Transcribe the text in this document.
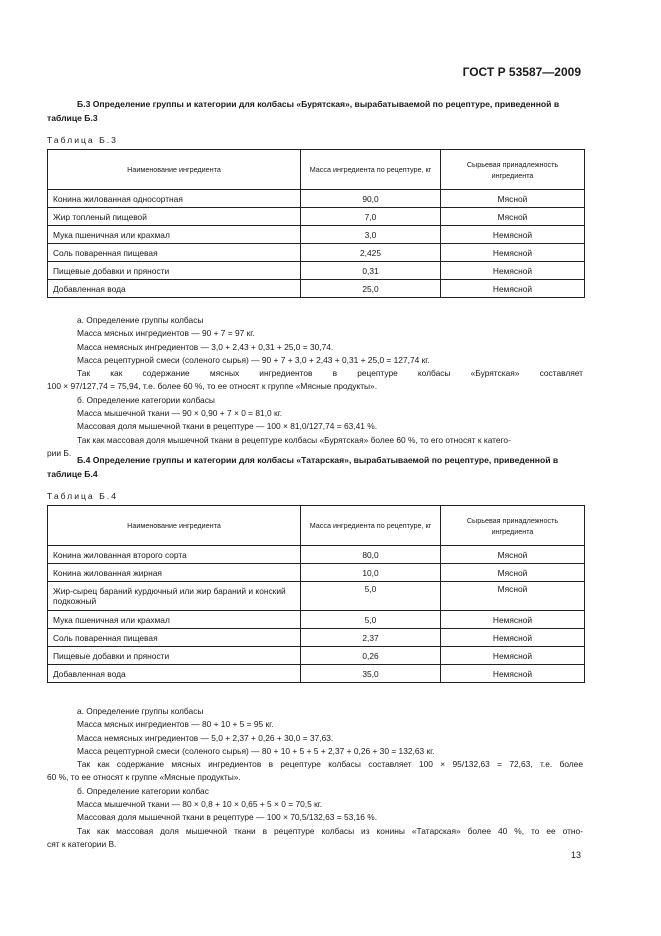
ГОСТ Р 53587—2009
Б.3 Определение группы и категории для колбасы «Бурятская», вырабатываемой по рецептуре, приведенной в таблице Б.3
Таблица Б.3
Наименование ингредиента	Масса ингредиента по рецептуре, кг	Сырьевая принадлежность ингредиента
Конина жилованная односортная	90,0	Мясной
Жир топленый пищевой	7,0	Мясной
Мука пшеничная или крахмал	3,0	Немясной
Соль поваренная пищевая	2,425	Немясной
Пищевые добавки и пряности	0,31	Немясной
Добавленная вода	25,0	Немясной

а. Определение группы колбасы

Масса мясных ингредиентов — 90 + 7 = 97 кг.

Масса немясных ингредиентов — 3,0 + 2,43 + 0,31 + 25,0 = 30,74.

Масса рецептурной смеси (соленого сырья) — 90 + 7 + 3,0 + 2,43 + 0,31 + 25,0 = 127,74 кг.

Так как содержание мясных ингредиентов в рецептуре колбасы «Бурятская» составляет

100 × 97/127,74 = 75,94, т.е. более 60 %, то ее относят к группе «Мясные продукты».

б. Определение категории колбасы

Масса мышечной ткани — 90 × 0,90 + 7 × 0 = 81,0 кг.

Массовая доля мышечной ткани в рецептуре — 100 × 81,0/127,74 = 63,41 %.

Так как массовая доля мышечной ткани в рецептуре колбасы «Бурятская» более 60 %, то его относят к катего-

рии Б.

Б.4 Определение группы и категории для колбасы «Татарская», вырабатываемой по рецептуре, приведенной в таблице Б.4
Таблица Б.4
Наименование ингредиента	Масса ингредиента по рецептуре, кг	Сырьевая принадлежность ингредиента
Конина жилованная второго сорта	80,0	Мясной
Конина жилованная жирная	10,0	Мясной
Жир-сырец бараний курдючный или жир бараний и конский подкожный	5,0	Мясной
Мука пшеничная или крахмал	5,0	Немясной
Соль поваренная пищевая	2,37	Немясной
Пищевые добавки и пряности	0,26	Немясной
Добавленная вода	35,0	Немясной

а. Определение группы колбасы

Масса мясных ингредиентов — 80 + 10 + 5 = 95 кг.

Масса немясных ингредиентов — 5,0 + 2,37 + 0,26 + 30,0 = 37,63.

Масса рецептурной смеси (соленого сырья) — 80 + 10 + 5 + 5 + 2,37 + 0,26 + 30 = 132,63 кг.

Так как содержание мясных ингредиентов в рецептуре колбасы составляет 100 × 95/132,63 = 72,63, т.е. более

60 %, то ее относят к группе «Мясные продукты».

б. Определение категории колбас

Масса мышечной ткани — 80 × 0,8 + 10 × 0,65 + 5 × 0 = 70,5 кг.

Массовая доля мышечной ткани в рецептуре — 100 × 70,5/132,63 = 53,16 %.

Так как массовая доля мышечной ткани в рецептуре колбасы из конины «Татарская» более 40 %, то ее отно-

сят к категории В.

13
